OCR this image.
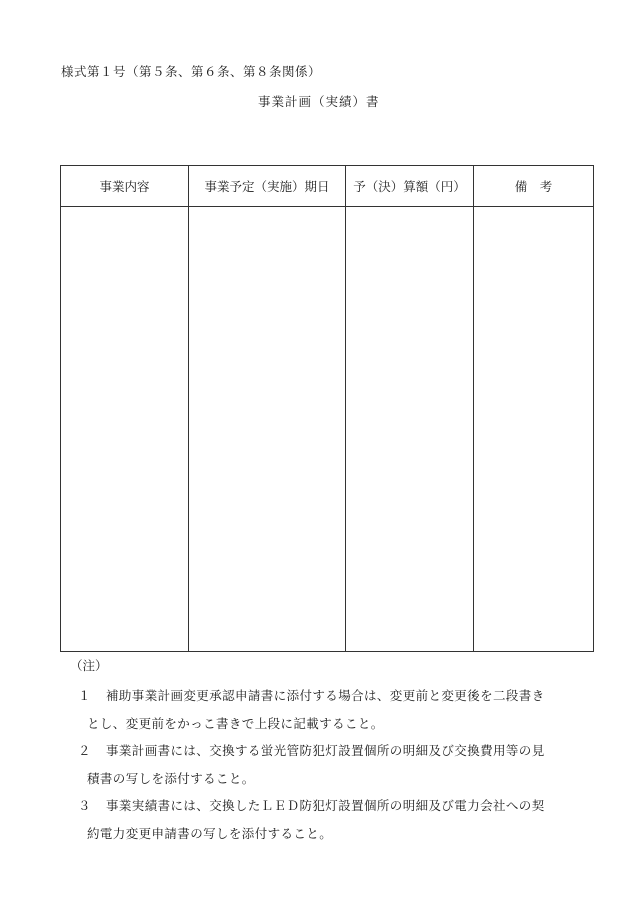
様式第１号（第５条、第６条、第８条関係）
事業計画（実績）書
事業内容	事業予定（実施）期日	予（決）算額（円）	備　考

（注）
１ 補助事業計画変更承認申請書に添付する場合は、変更前と変更後を二段書き
とし、変更前をかっこ書きで上段に記載すること。
２ 事業計画書には、交換する蛍光管防犯灯設置個所の明細及び交換費用等の見
積書の写しを添付すること。
３ 事業実績書には、交換したＬＥＤ防犯灯設置個所の明細及び電力会社への契
約電力変更申請書の写しを添付すること。
